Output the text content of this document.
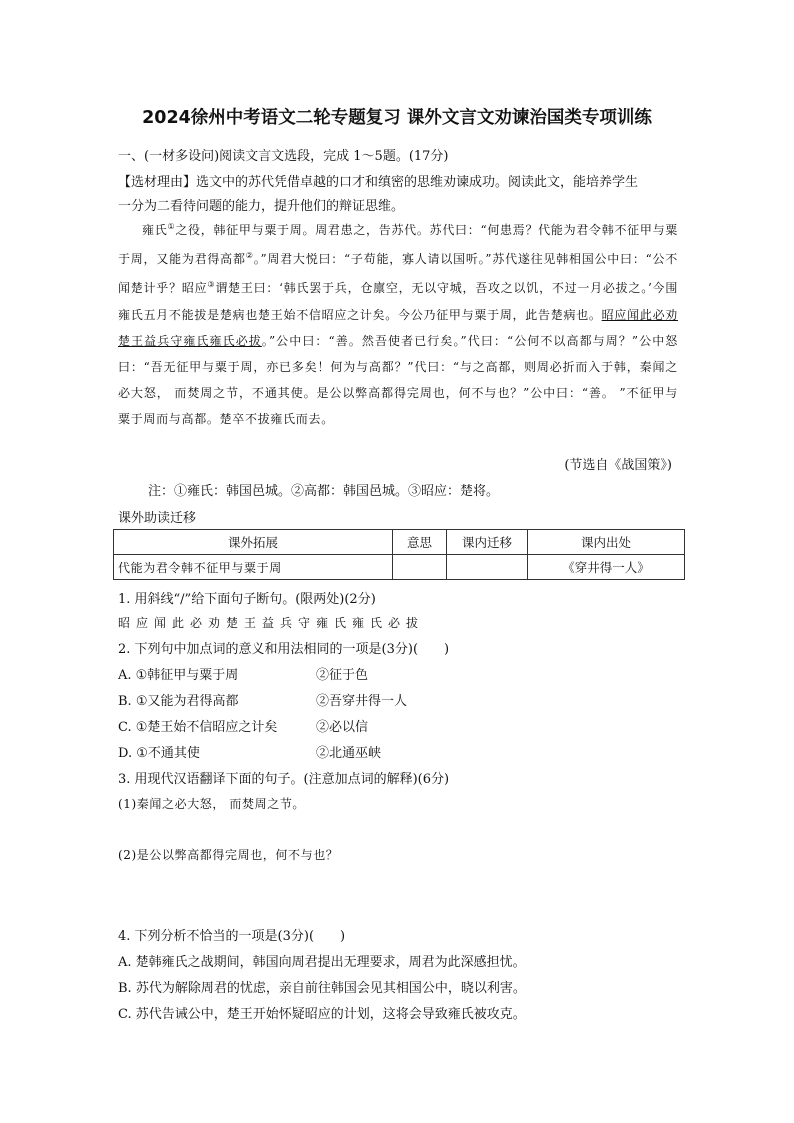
2024徐州中考语文二轮专题复习 课外文言文劝谏治国类专项训练
一、(一材多设问)阅读文言文选段，完成 1～5题。(17分)
【选材理由】选文中的苏代凭借卓越的口才和缜密的思维劝谏成功。阅读此文，能培养学生
一分为二看待问题的能力，提升他们的辩证思维。
雍氏①之役，韩征甲与粟于周。周君患之，告苏代。苏代曰：“何患焉？代能为君令韩不征甲与粟于周，又能为君得高都②。”周君大悦曰：“子苟能，寡人请以国听。”苏代遂往见韩相国公中曰：“公不闻楚计乎？昭应③谓楚王曰：‘韩氏罢于兵，仓廪空，无以守城，吾攻之以饥，不过一月必拔之。’今围雍氏五月不能拔是楚病也楚王始不信昭应之计矣。今公乃征甲与粟于周，此告楚病也。昭应闻此必劝楚王益兵守雍氏雍氏必拔。”公中曰：“善。然吾使者已行矣。”代曰：“公何不以高都与周？”公中怒曰：“吾无征甲与粟于周，亦已多矣！何为与高都？”代曰：“与之高都，则周必折而入于韩，秦闻之必大怒， 而焚周之节，不通其使。是公以弊高都得完周也，何不与也？”公中曰：“善。 ”不征甲与粟于周而与高都。楚卒不拔雍氏而去。
(节选自《战国策》)
注：①雍氏：韩国邑城。②高都：韩国邑城。③昭应：楚将。
课外助读迁移
课外拓展	意思	课内迁移	课内出处
代能为君令韩不征甲与粟于周			《穿井得一人》
1. 用斜线“/”给下面句子断句。(限两处)(2分)
昭应闻此必劝楚王益兵守雍氏雍氏必拔
2. 下列句中加点词的意义和用法相同的一项是(3分)(　　)
A. ①韩征甲与粟于周	②征于色
B. ①又能为君得高都	②吾穿井得一人
C. ①楚王始不信昭应之计矣	②必以信
D. ①不通其使	②北通巫峡
3. 用现代汉语翻译下面的句子。(注意加点词的解释)(6分)
(1)秦闻之必大怒， 而焚周之节。
(2)是公以弊高都得完周也，何不与也？
4. 下列分析不恰当的一项是(3分)(　　)
A. 楚韩雍氏之战期间，韩国向周君提出无理要求，周君为此深感担忧。
B. 苏代为解除周君的忧虑，亲自前往韩国会见其相国公中，晓以利害。
C. 苏代告诫公中，楚王开始怀疑昭应的计划，这将会导致雍氏被攻克。
